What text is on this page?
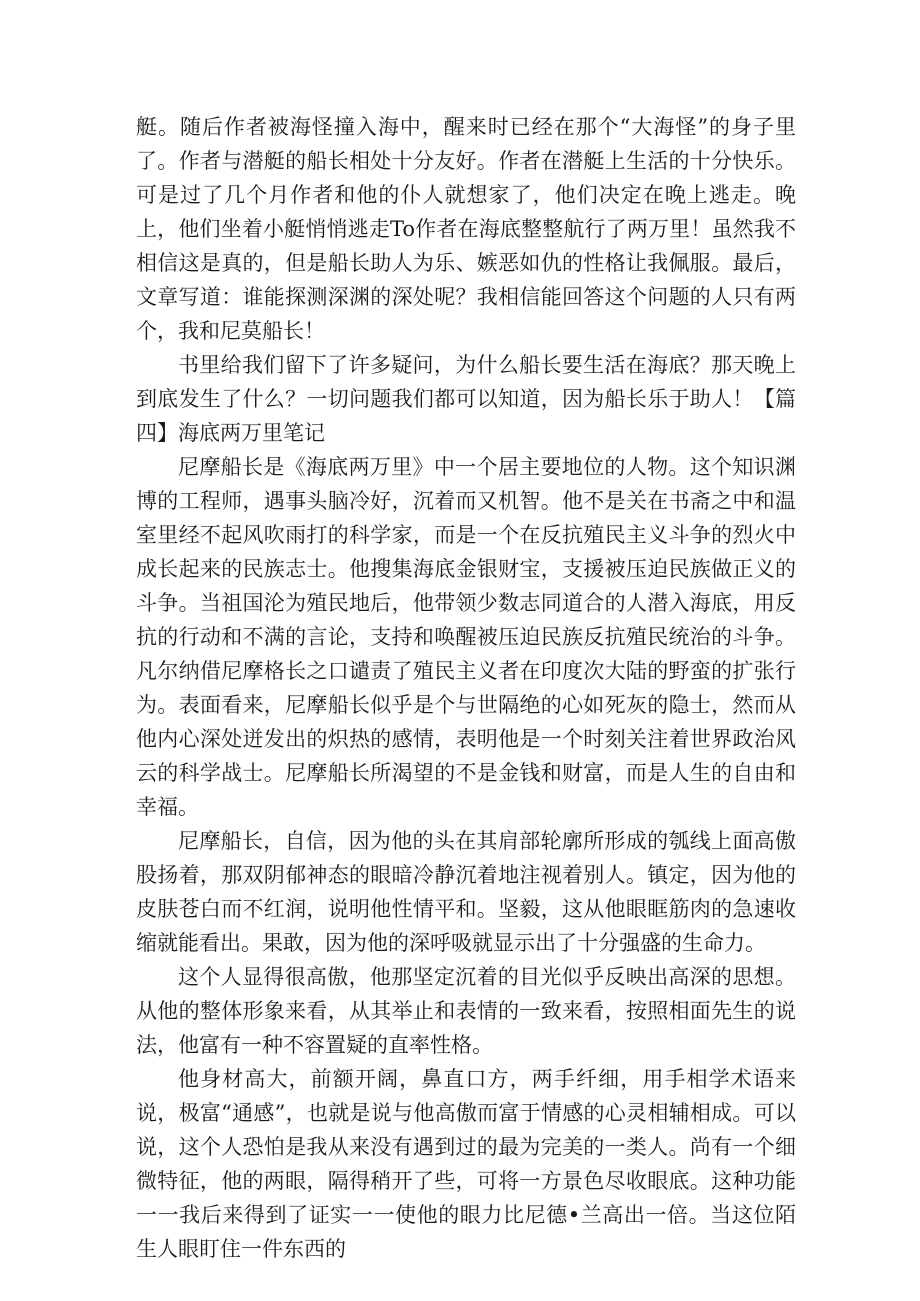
艇。随后作者被海怪撞入海中，醒来时已经在那个“大海怪”的身子里了。作者与潜艇的船长相处十分友好。作者在潜艇上生活的十分快乐。可是过了几个月作者和他的仆人就想家了，他们决定在晚上逃走。晚上，他们坐着小艇悄悄逃走To作者在海底整整航行了两万里！虽然我不相信这是真的，但是船长助人为乐、嫉恶如仇的性格让我佩服。最后，文章写道：谁能探测深渊的深处呢？我相信能回答这个问题的人只有两个，我和尼莫船长！

书里给我们留下了许多疑问，为什么船长要生活在海底？那天晚上到底发生了什么？一切问题我们都可以知道，因为船长乐于助人！【篇四】海底两万里笔记

尼摩船长是《海底两万里》中一个居主要地位的人物。这个知识渊博的工程师，遇事头脑冷好，沉着而又机智。他不是关在书斋之中和温室里经不起风吹雨打的科学家，而是一个在反抗殖民主义斗争的烈火中成长起来的民族志士。他搜集海底金银财宝，支援被压迫民族做正义的斗争。当祖国沦为殖民地后，他带领少数志同道合的人潜入海底，用反抗的行动和不满的言论，支持和唤醒被压迫民族反抗殖民统治的斗争。凡尔纳借尼摩格长之口谴责了殖民主义者在印度次大陆的野蛮的扩张行为。表面看来，尼摩船长似乎是个与世隔绝的心如死灰的隐士，然而从他内心深处迸发出的炽热的感情，表明他是一个时刻关注着世界政治风云的科学战士。尼摩船长所渴望的不是金钱和财富，而是人生的自由和幸福。

尼摩船长，自信，因为他的头在其肩部轮廓所形成的瓠线上面高傲股扬着，那双阴郁神态的眼暗冷静沉着地注视着别人。镇定，因为他的皮肤苍白而不红润，说明他性情平和。坚毅，这从他眼眶筋肉的急速收缩就能看出。果敢，因为他的深呼吸就显示出了十分强盛的生命力。

这个人显得很高傲，他那坚定沉着的目光似乎反映出高深的思想。从他的整体形象来看，从其举止和表情的一致来看，按照相面先生的说法，他富有一种不容置疑的直率性格。

他身材高大，前额开阔，鼻直口方，两手纤细，用手相学术语来说，极富“通感”，也就是说与他高傲而富于情感的心灵相辅相成。可以说，这个人恐怕是我从来没有遇到过的最为完美的一类人。尚有一个细微特征，他的两眼，隔得稍开了些，可将一方景色尽收眼底。这种功能一一我后来得到了证实一一使他的眼力比尼德•兰高出一倍。当这位陌生人眼盯住一件东西的
